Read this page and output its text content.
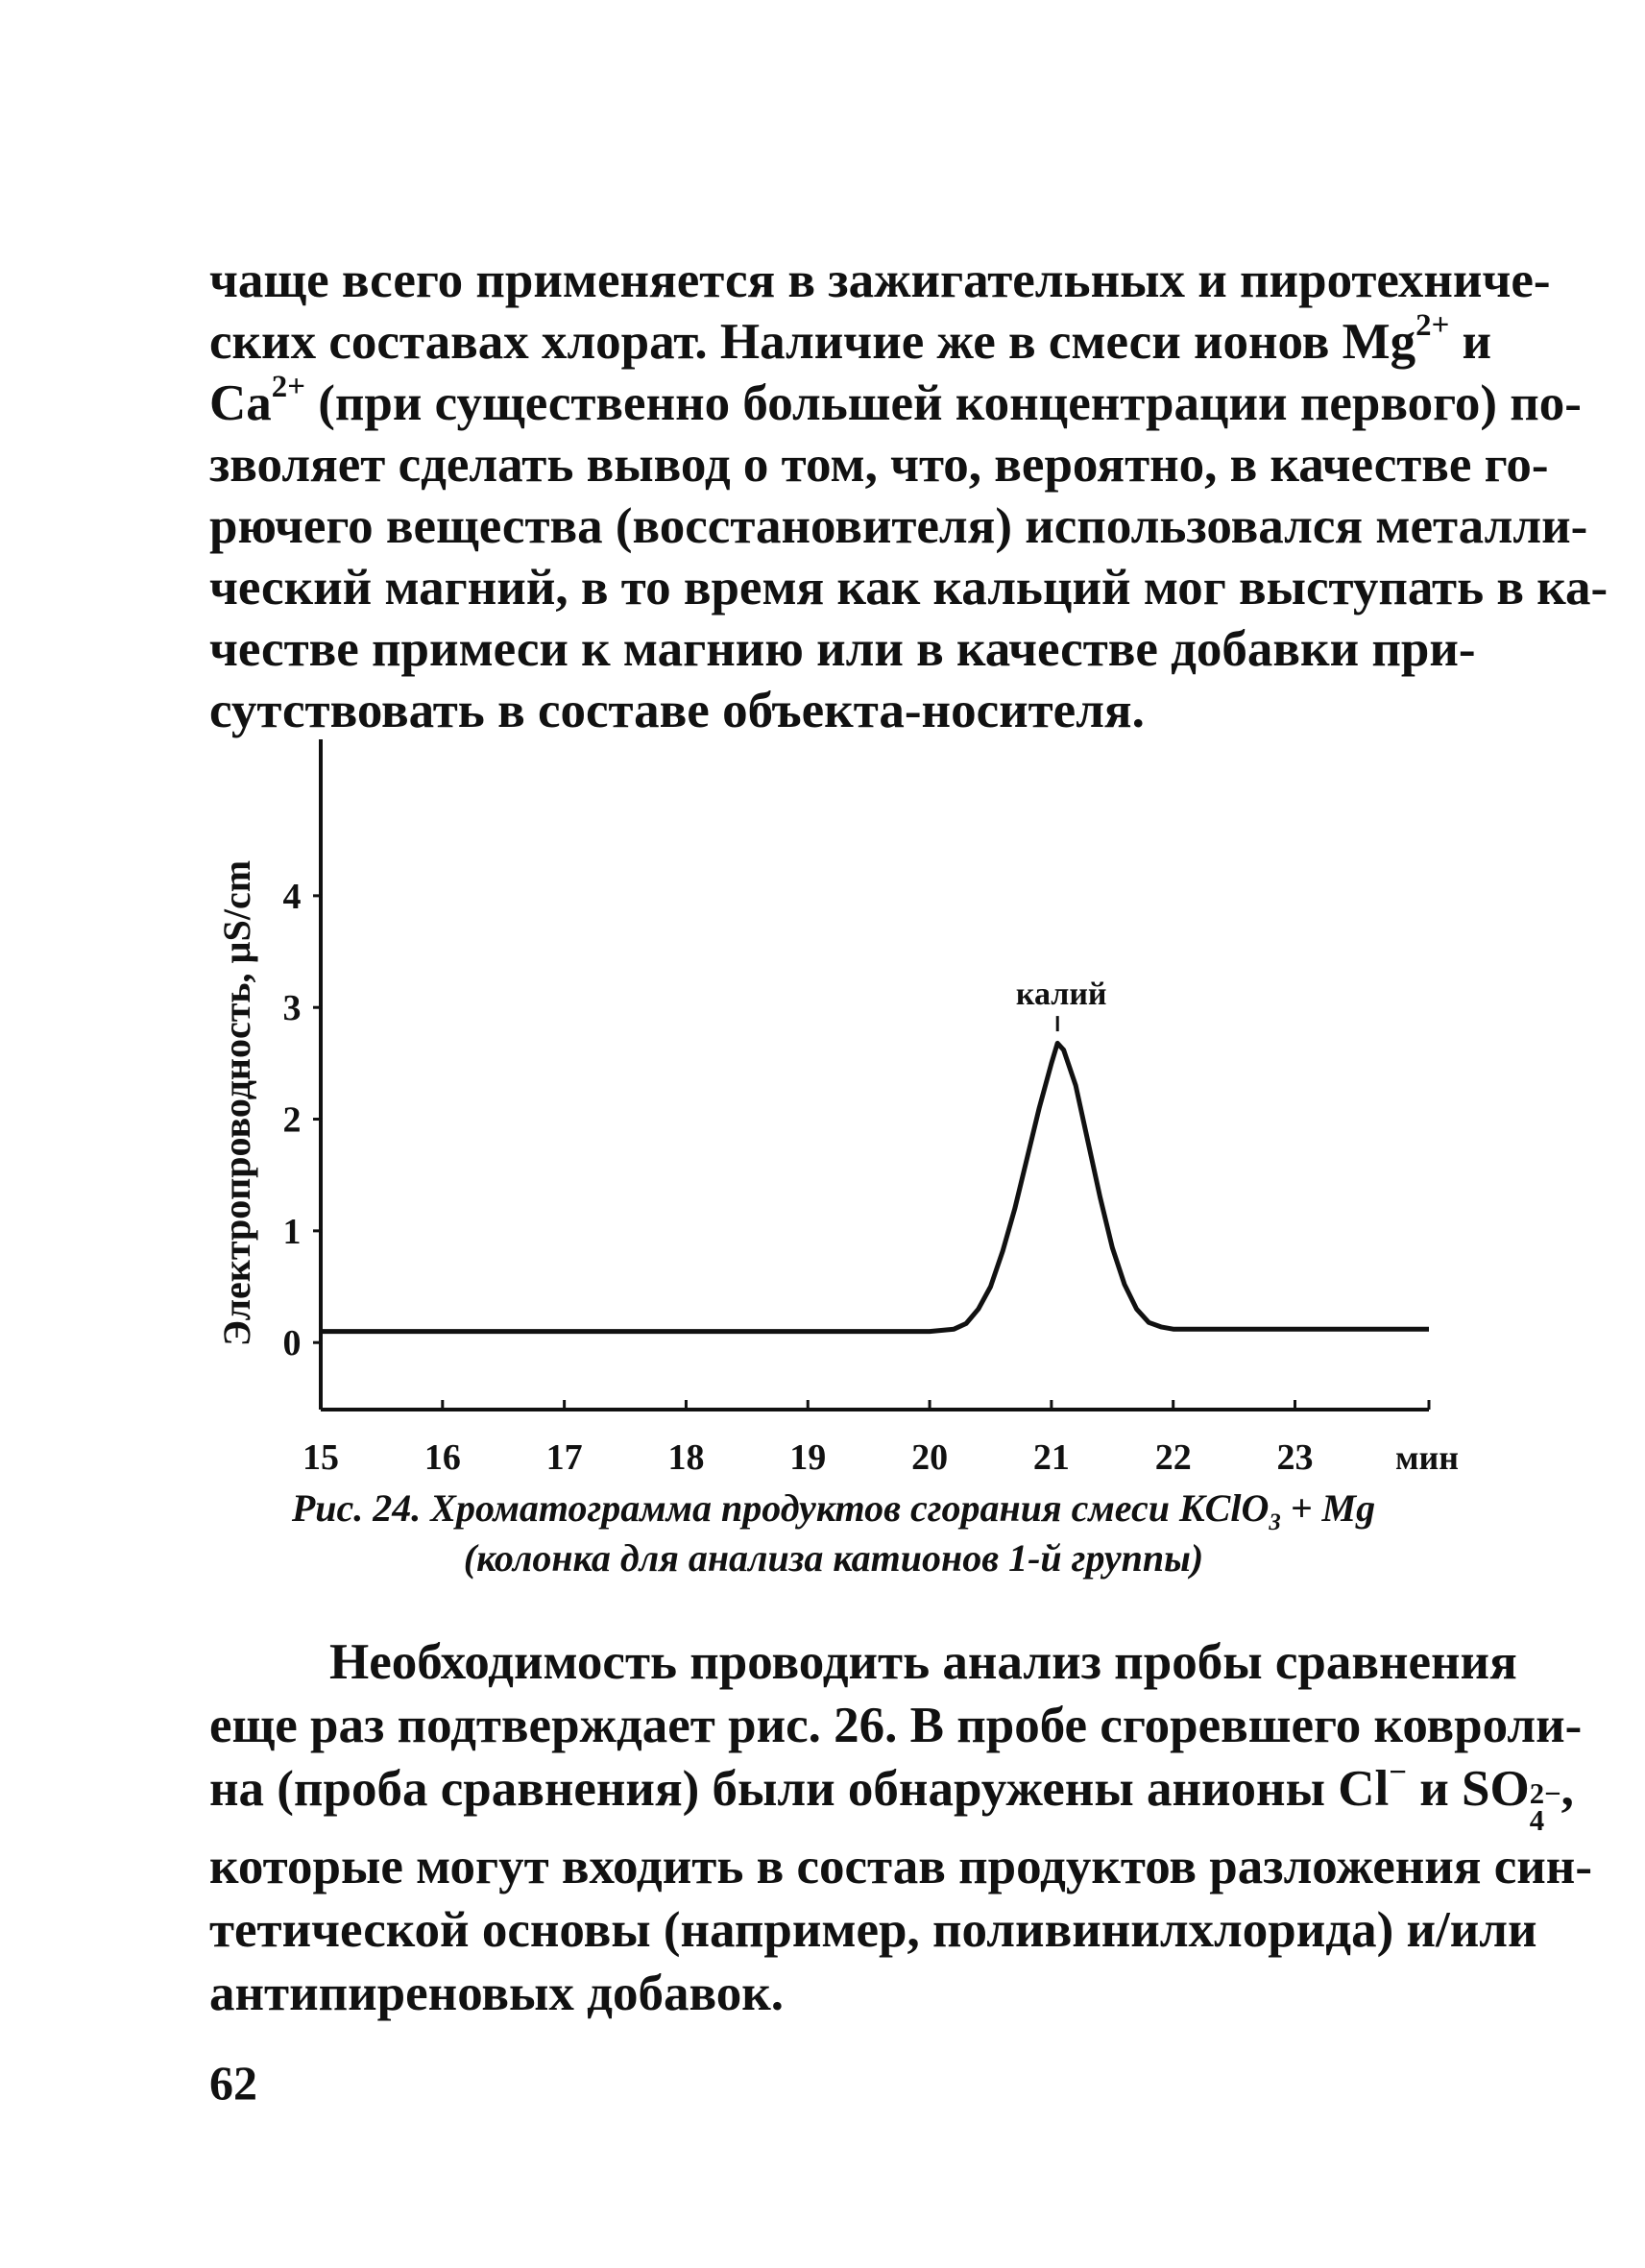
чаще всего применяется в зажигательных и пиротехниче-
ских составах хлорат. Наличие же в смеси ионов $Mg^{2+}$ и
$Ca^{2+}$ (при существенно большей концентрации первого) по-
зволяет сделать вывод о том, что, вероятно, в качестве го-
рючего вещества (восстановителя) использовался металли-
ческий магний, в то время как кальций мог выступать в ка-
честве примеси к магнию или в качестве добавки при-
сутствовать в составе объекта-носителя.
15 16 17 18 19 20 21 22 23 мин
0
1
2
3
4
Электропроводность, µS/cm	калий
Рис. 24. Хроматограмма продуктов сгорания смеси KClO$_3$ + Mg
(колонка для анализа катионов 1-й группы)
Необходимость проводить анализ пробы сравнения
еще раз подтверждает рис. 26. В пробе сгоревшего ковроли-
на (проба сравнения) были обнаружены анионы Cl− и SO 2−
4
,
которые могут входить в состав продуктов разложения син-
тетической основы (например, поливинилхлорида) и/или
антипиреновых добавок.
62
